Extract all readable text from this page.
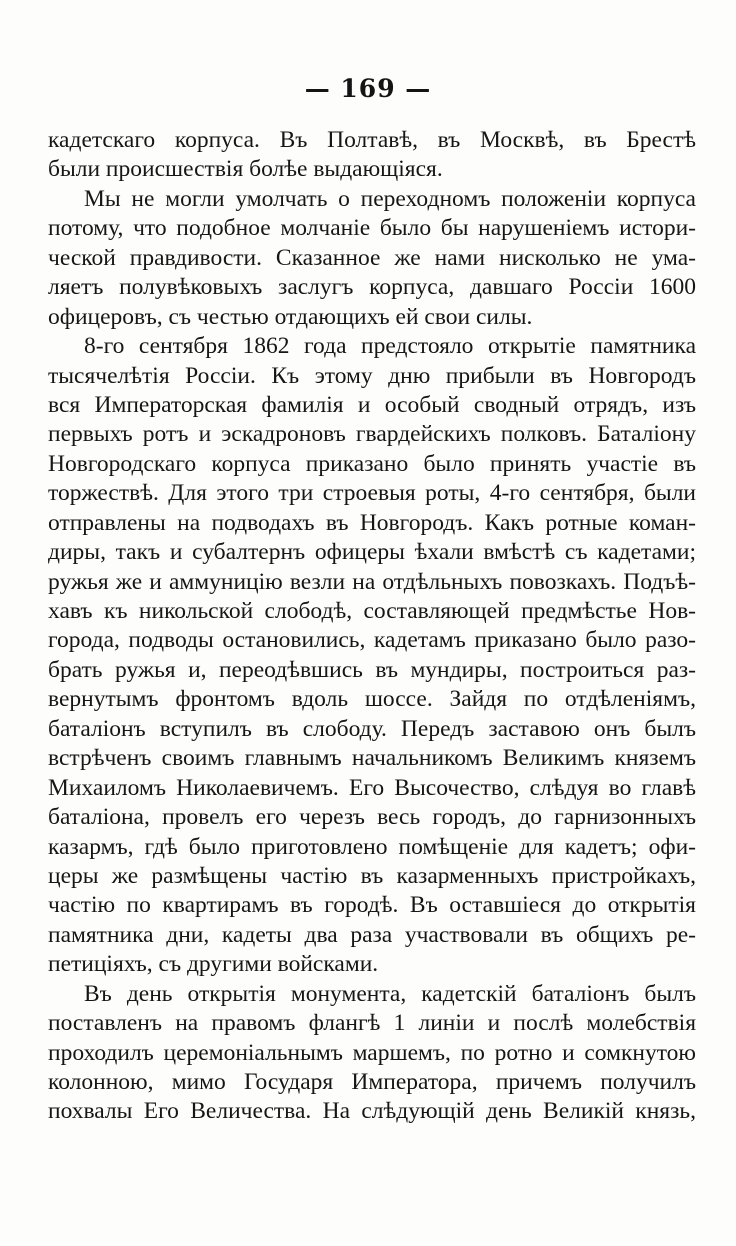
— 169 —
кадетскаго корпуса. Въ Полтавѣ, въ Москвѣ, въ Брестѣ
были происшествія болѣе выдающіяся.
Мы не могли умолчать о переходномъ положеніи корпуса
потому, что подобное молчаніе было бы нарушеніемъ истори-
ческой правдивости. Сказанное же нами нисколько не ума-
ляетъ полувѣковыхъ заслугъ корпуса, давшаго Россіи 1600
офицеровъ, съ честью отдающихъ ей свои силы.
8-го сентября 1862 года предстояло открытіе памятника
тысячелѣтія Россіи. Къ этому дню прибыли въ Новгородъ
вся Императорская фамилія и особый сводный отрядъ, изъ
первыхъ ротъ и эскадроновъ гвардейскихъ полковъ. Баталіону
Новгородскаго корпуса приказано было принять участіе въ
торжествѣ. Для этого три строевыя роты, 4-го сентября, были
отправлены на подводахъ въ Новгородъ. Какъ ротные коман-
диры, такъ и субалтернъ офицеры ѣхали вмѣстѣ съ кадетами;
ружья же и аммуницію везли на отдѣльныхъ повозкахъ. Подъѣ-
хавъ къ никольской слободѣ, составляющей предмѣстье Нов-
города, подводы остановились, кадетамъ приказано было разо-
брать ружья и, переодѣвшись въ мундиры, построиться раз-
вернутымъ фронтомъ вдоль шоссе. Зайдя по отдѣленіямъ,
баталіонъ вступилъ въ слободу. Передъ заставою онъ былъ
встрѣченъ своимъ главнымъ начальникомъ Великимъ княземъ
Михаиломъ Николаевичемъ. Его Высочество, слѣдуя во главѣ
баталіона, провелъ его черезъ весь городъ, до гарнизонныхъ
казармъ, гдѣ было приготовлено помѣщеніе для кадетъ; офи-
церы же размѣщены частію въ казарменныхъ пристройкахъ,
частію по квартирамъ въ городѣ. Въ оставшіеся до открытія
памятника дни, кадеты два раза участвовали въ общихъ ре-
петиціяхъ, съ другими войсками.
Въ день открытія монумента, кадетскій баталіонъ былъ
поставленъ на правомъ флангѣ 1 линіи и послѣ молебствія
проходилъ церемоніальнымъ маршемъ, по ротно и сомкнутою
колонною, мимо Государя Императора, причемъ получилъ
похвалы Его Величества. На слѣдующій день Великій князь,
